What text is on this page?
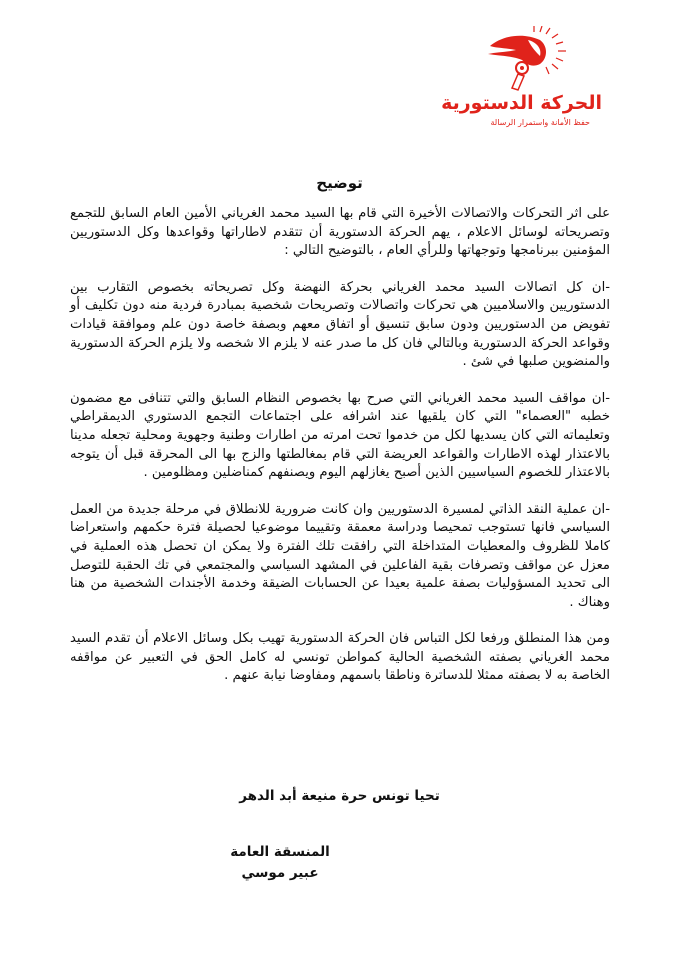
الحركة الدستورية
حفظ الأمانة واستمرار الرسالة
توضيح

على اثر التحركات والاتصالات الأخيرة التي قام بها السيد محمد الغرياني الأمين العام السابق للتجمع وتصريحاته لوسائل الاعلام ، يهم الحركة الدستورية أن تتقدم لاطاراتها وقواعدها وكل الدستوريين المؤمنين ببرنامجها وتوجهاتها وللرأي العام ، بالتوضيح التالي :

-ان كل اتصالات السيد محمد الغرياني بحركة النهضة وكل تصريحاته بخصوص التقارب بين الدستوريين والاسلاميين هي تحركات واتصالات وتصريحات شخصية بمبادرة فردية منه دون تكليف أو تفويض من الدستوريين ودون سابق تنسيق أو اتفاق معهم وبصفة خاصة دون علم وموافقة قيادات وقواعد الحركة الدستورية وبالتالي فان كل ما صدر عنه لا يلزم الا شخصه ولا يلزم الحركة الدستورية والمنضوين صلبها في شئ .

-ان مواقف السيد محمد الغرياني التي صرح بها بخصوص النظام السابق والتي تتنافى مع مضمون خطبه "العصماء" التي كان يلقيها عند اشرافه على اجتماعات التجمع الدستوري الديمقراطي وتعليماته التي كان يسديها لكل من خدموا تحت امرته من اطارات وطنية وجهوية ومحلية تجعله مدينا بالاعتذار لهذه الاطارات والقواعد العريضة التي قام بمغالطتها والزج بها الى المحرقة قبل أن يتوجه بالاعتذار للخصوم السياسيين الذين أصبح يغازلهم اليوم ويصنفهم كمناضلين ومظلومين .

-ان عملية النقد الذاتي لمسيرة الدستوريين وان كانت ضرورية للانطلاق في مرحلة جديدة من العمل السياسي فانها تستوجب تمحيصا ودراسة معمقة وتقييما موضوعيا لحصيلة فترة حكمهم واستعراضا كاملا للظروف والمعطيات المتداخلة التي رافقت تلك الفترة ولا يمكن ان تحصل هذه العملية في معزل عن مواقف وتصرفات بقية الفاعلين في المشهد السياسي والمجتمعي في تك الحقبة للتوصل الى تحديد المسؤوليات بصفة علمية بعيدا عن الحسابات الضيقة وخدمة الأجندات الشخصية من هنا وهناك .

ومن هذا المنطلق ورفعا لكل التباس فان الحركة الدستورية تهيب بكل وسائل الاعلام أن تقدم السيد محمد الغرياني بصفته الشخصية الحالية كمواطن تونسي له كامل الحق في التعبير عن مواقفه الخاصة به لا بصفته ممثلا للدساترة وناطقا باسمهم ومفاوضا نيابة عنهم .

تحيا تونس حرة منيعة أبد الدهر
المنسقة العامة
عبير موسي
